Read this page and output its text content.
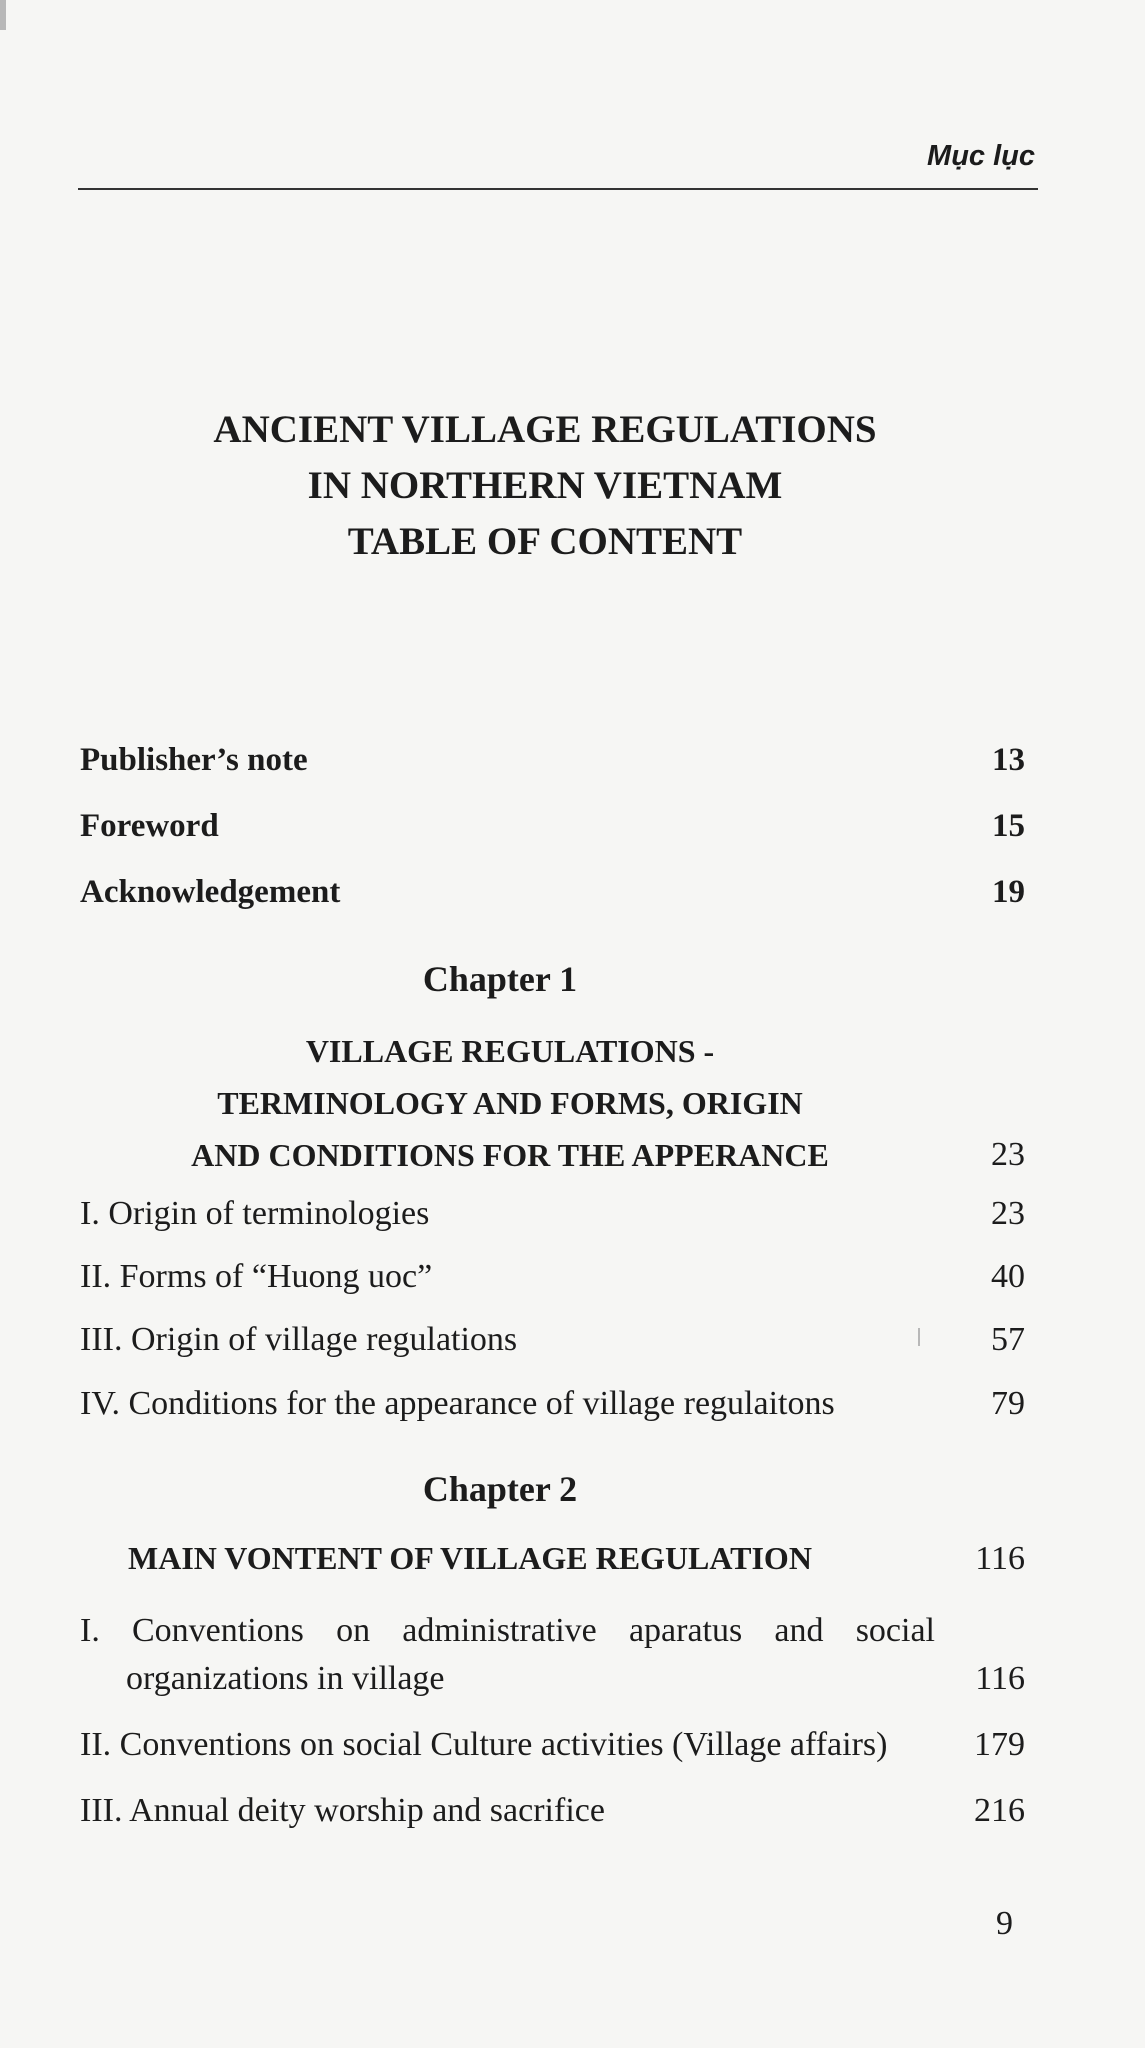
Mục lục
ANCIENT VILLAGE REGULATIONS
IN NORTHERN VIETNAM
TABLE OF CONTENT
Publisher’s note	13
Foreword	15
Acknowledgement	19
Chapter 1
VILLAGE REGULATIONS -
TERMINOLOGY AND FORMS, ORIGIN
AND CONDITIONS FOR THE APPERANCE	23
I. Origin of terminologies	23
II. Forms of “Huong uoc”	40
III. Origin of village regulations	57
IV. Conditions for the appearance of village regulaitons	79
Chapter 2
MAIN VONTENT OF VILLAGE REGULATION	116
I. Conventions on administrative aparatus and social
organizations in village	116
II. Conventions on social Culture activities (Village affairs)	179
III. Annual deity worship and sacrifice	216
9
